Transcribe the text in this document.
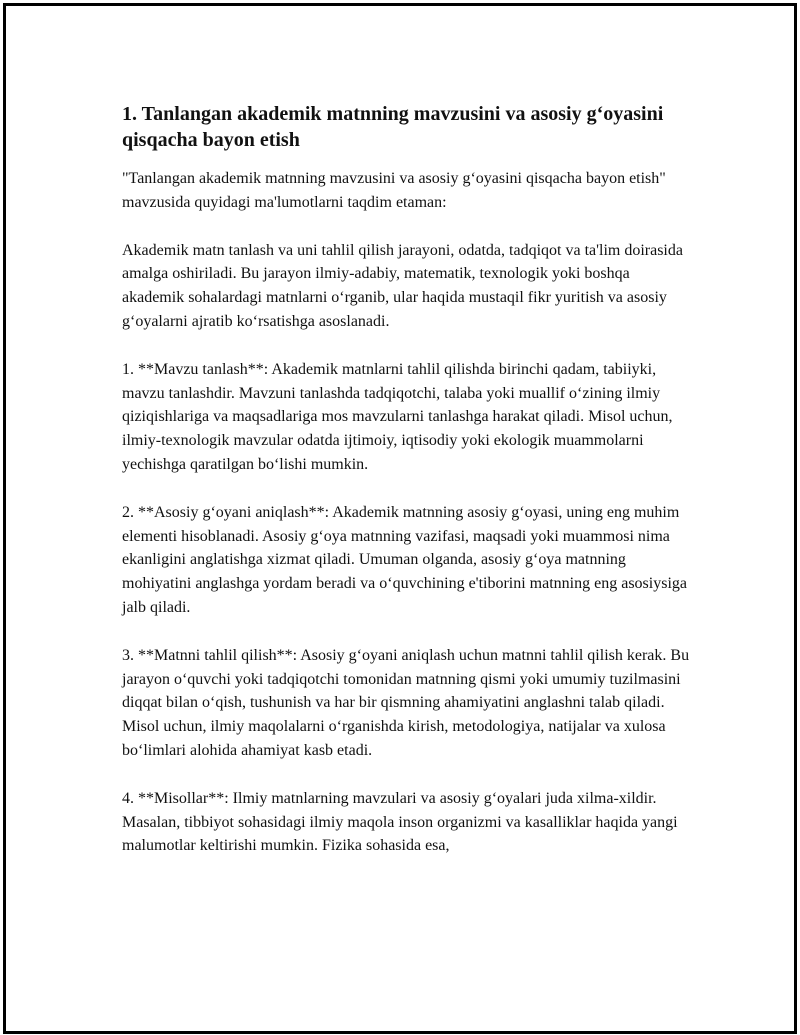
1. Tanlangan akademik matnning mavzusini va asosiy g‘oyasini qisqacha bayon etish

"Tanlangan akademik matnning mavzusini va asosiy g‘oyasini qisqacha bayon etish" mavzusida quyidagi ma'lumotlarni taqdim etaman:

Akademik matn tanlash va uni tahlil qilish jarayoni, odatda, tadqiqot va ta'lim doirasida amalga oshiriladi. Bu jarayon ilmiy-adabiy, matematik, texnologik yoki boshqa akademik sohalardagi matnlarni o‘rganib, ular haqida mustaqil fikr yuritish va asosiy g‘oyalarni ajratib ko‘rsatishga asoslanadi.

1. **Mavzu tanlash**: Akademik matnlarni tahlil qilishda birinchi qadam, tabiiyki, mavzu tanlashdir. Mavzuni tanlashda tadqiqotchi, talaba yoki muallif o‘zining ilmiy qiziqishlariga va maqsadlariga mos mavzularni tanlashga harakat qiladi. Misol uchun, ilmiy-texnologik mavzular odatda ijtimoiy, iqtisodiy yoki ekologik muammolarni yechishga qaratilgan bo‘lishi mumkin.

2. **Asosiy g‘oyani aniqlash**: Akademik matnning asosiy g‘oyasi, uning eng muhim elementi hisoblanadi. Asosiy g‘oya matnning vazifasi, maqsadi yoki muammosi nima ekanligini anglatishga xizmat qiladi. Umuman olganda, asosiy g‘oya matnning mohiyatini anglashga yordam beradi va o‘quvchining e'tiborini matnning eng asosiysiga jalb qiladi.

3. **Matnni tahlil qilish**: Asosiy g‘oyani aniqlash uchun matnni tahlil qilish kerak. Bu jarayon o‘quvchi yoki tadqiqotchi tomonidan matnning qismi yoki umumiy tuzilmasini diqqat bilan o‘qish, tushunish va har bir qismning ahamiyatini anglashni talab qiladi. Misol uchun, ilmiy maqolalarni o‘rganishda kirish, metodologiya, natijalar va xulosa bo‘limlari alohida ahamiyat kasb etadi.

4. **Misollar**: Ilmiy matnlarning mavzulari va asosiy g‘oyalari juda xilma-xildir. Masalan, tibbiyot sohasidagi ilmiy maqola inson organizmi va kasalliklar haqida yangi malumotlar keltirishi mumkin. Fizika sohasida esa,
